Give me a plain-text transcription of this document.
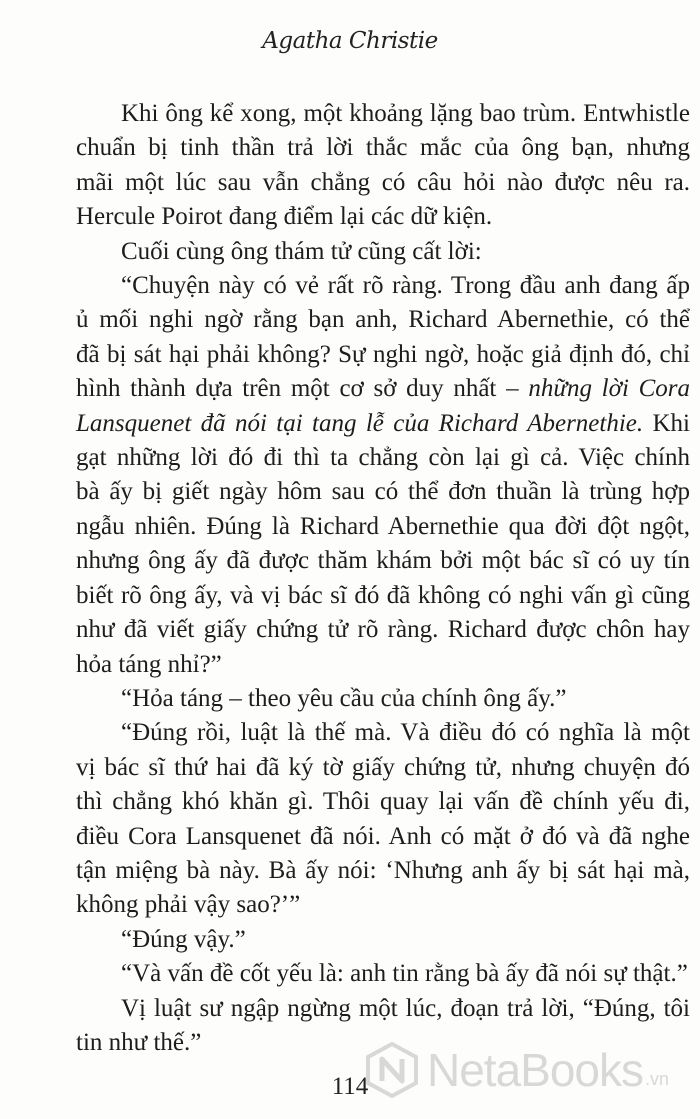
Agatha Christie
Khi ông kể xong, một khoảng lặng bao trùm. Entwhistle
chuẩn bị tinh thần trả lời thắc mắc của ông bạn, nhưng
mãi một lúc sau vẫn chẳng có câu hỏi nào được nêu ra.
Hercule Poirot đang điểm lại các dữ kiện.
Cuối cùng ông thám tử cũng cất lời:
“Chuyện này có vẻ rất rõ ràng. Trong đầu anh đang ấp
ủ mối nghi ngờ rằng bạn anh, Richard Abernethie, có thể
đã bị sát hại phải không? Sự nghi ngờ, hoặc giả định đó, chỉ
hình thành dựa trên một cơ sở duy nhất – những lời Cora
Lansquenet đã nói tại tang lễ của Richard Abernethie. Khi
gạt những lời đó đi thì ta chẳng còn lại gì cả. Việc chính
bà ấy bị giết ngày hôm sau có thể đơn thuần là trùng hợp
ngẫu nhiên. Đúng là Richard Abernethie qua đời đột ngột,
nhưng ông ấy đã được thăm khám bởi một bác sĩ có uy tín
biết rõ ông ấy, và vị bác sĩ đó đã không có nghi vấn gì cũng
như đã viết giấy chứng tử rõ ràng. Richard được chôn hay
hỏa táng nhỉ?”
“Hỏa táng – theo yêu cầu của chính ông ấy.”
“Đúng rồi, luật là thế mà. Và điều đó có nghĩa là một
vị bác sĩ thứ hai đã ký tờ giấy chứng tử, nhưng chuyện đó
thì chẳng khó khăn gì. Thôi quay lại vấn đề chính yếu đi,
điều Cora Lansquenet đã nói. Anh có mặt ở đó và đã nghe
tận miệng bà này. Bà ấy nói: ‘Nhưng anh ấy bị sát hại mà,
không phải vậy sao?’”
“Đúng vậy.”
“Và vấn đề cốt yếu là: anh tin rằng bà ấy đã nói sự thật.”
Vị luật sư ngập ngừng một lúc, đoạn trả lời, “Đúng, tôi
tin như thế.”
114	NetaBooks .vn
